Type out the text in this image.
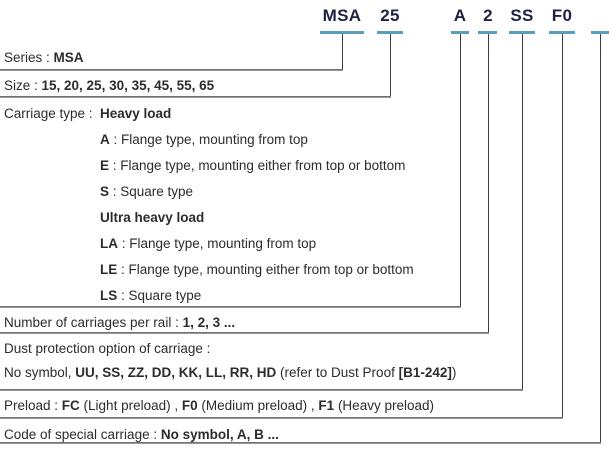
MSA 25	A 2 SS F0
Series : MSA
Size : 15, 20, 25, 30, 35, 45, 55, 65
Carriage type : Heavy load
A : Flange type, mounting from top
E : Flange type, mounting either from top or bottom
S : Square type
Ultra heavy load
LA : Flange type, mounting from top
LE : Flange type, mounting either from top or bottom
LS : Square type
Number of carriages per rail : 1, 2, 3 ...
Dust protection option of carriage :
No symbol, UU, SS, ZZ, DD, KK, LL, RR, HD (refer to Dust Proof [B1-242])
Preload : FC (Light preload) , F0 (Medium preload) , F1 (Heavy preload)
Code of special carriage : No symbol, A, B ...
